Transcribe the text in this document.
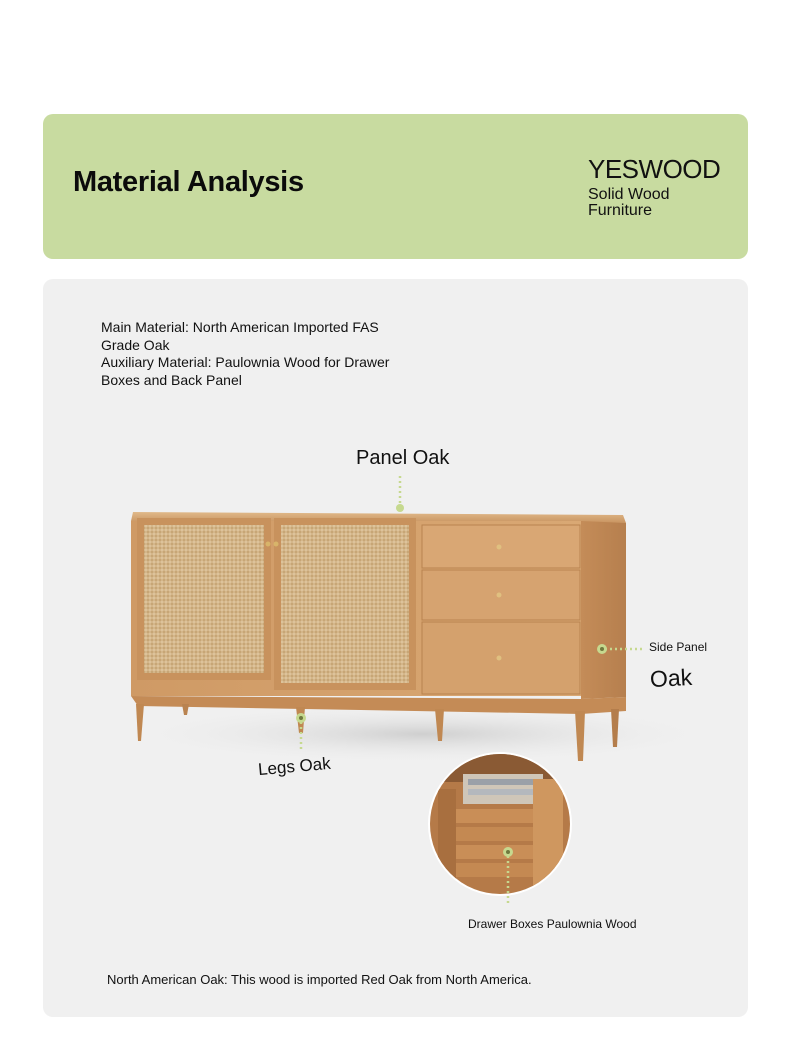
Material Analysis	YESWOOD
Solid Wood Furniture
Main Material: North American Imported FAS
Grade Oak
Auxiliary Material: Paulownia Wood for Drawer
Boxes and Back Panel
Panel Oak
Side Panel
Oak
Legs Oak
Drawer Boxes Paulownia Wood
North American Oak: This wood is imported Red Oak from North America.
